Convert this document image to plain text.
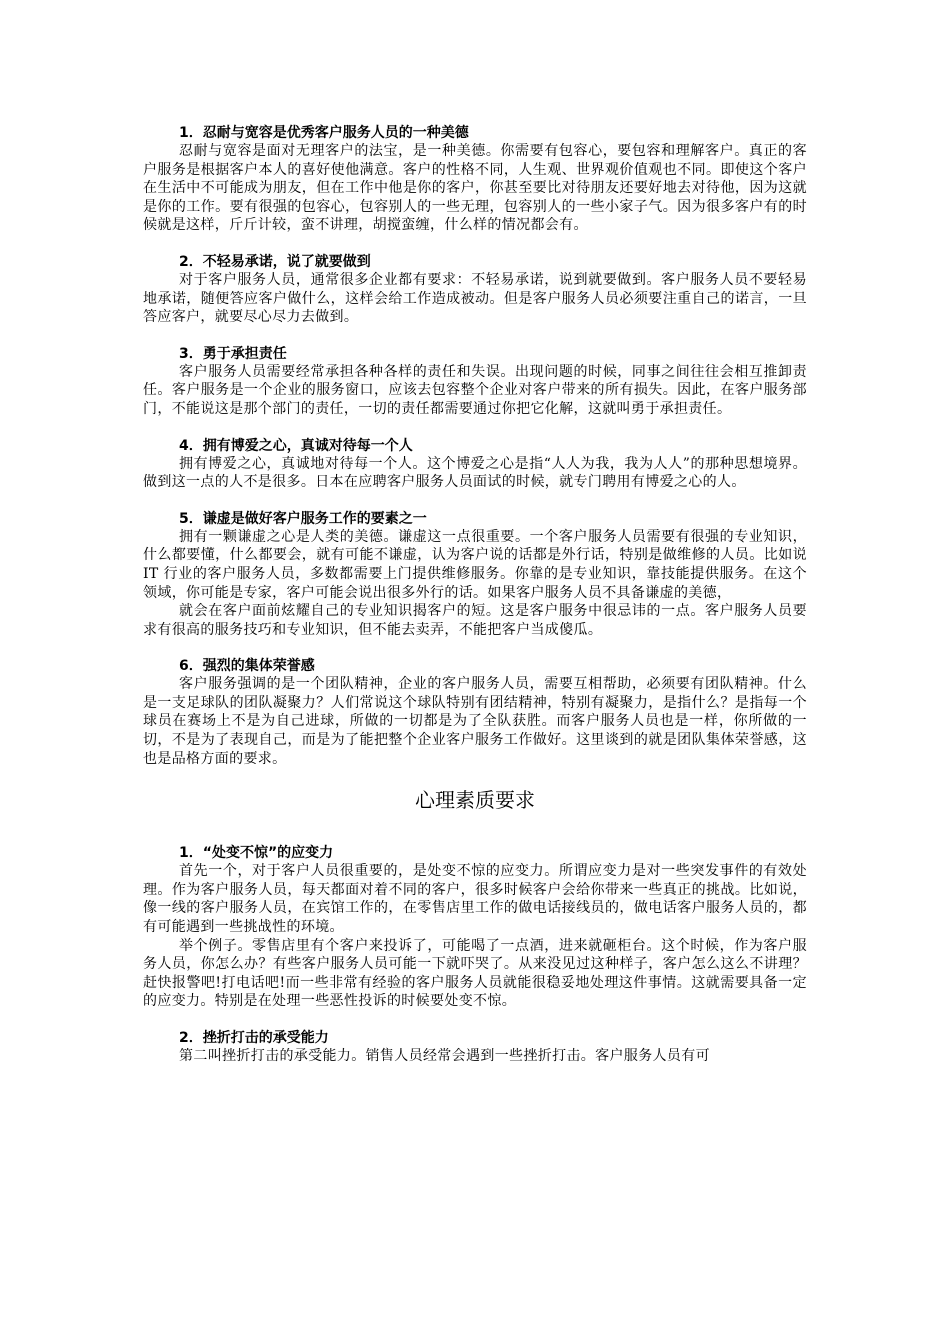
1．忍耐与宽容是优秀客户服务人员的一种美德

忍耐与宽容是面对无理客户的法宝，是一种美德。你需要有包容心，要包容和理解客户。真正的客户服务是根据客户本人的喜好使他满意。客户的性格不同，人生观、世界观价值观也不同。即使这个客户在生活中不可能成为朋友，但在工作中他是你的客户，你甚至要比对待朋友还要好地去对待他，因为这就是你的工作。要有很强的包容心，包容别人的一些无理，包容别人的一些小家子气。因为很多客户有的时候就是这样，斤斤计较，蛮不讲理，胡搅蛮缠，什么样的情况都会有。

2．不轻易承诺，说了就要做到

对于客户服务人员，通常很多企业都有要求：不轻易承诺，说到就要做到。客户服务人员不要轻易地承诺，随便答应客户做什么，这样会给工作造成被动。但是客户服务人员必须要注重自己的诺言，一旦答应客户，就要尽心尽力去做到。

3．勇于承担责任

客户服务人员需要经常承担各种各样的责任和失误。出现问题的时候，同事之间往往会相互推卸责任。客户服务是一个企业的服务窗口，应该去包容整个企业对客户带来的所有损失。因此，在客户服务部门，不能说这是那个部门的责任，一切的责任都需要通过你把它化解，这就叫勇于承担责任。

4．拥有博爱之心，真诚对待每一个人

拥有博爱之心，真诚地对待每一个人。这个博爱之心是指“人人为我，我为人人”的那种思想境界。做到这一点的人不是很多。日本在应聘客户服务人员面试的时候，就专门聘用有博爱之心的人。

5．谦虚是做好客户服务工作的要素之一

拥有一颗谦虚之心是人类的美德。谦虚这一点很重要。一个客户服务人员需要有很强的专业知识，什么都要懂，什么都要会，就有可能不谦虚，认为客户说的话都是外行话，特别是做维修的人员。比如说 IT 行业的客户服务人员，多数都需要上门提供维修服务。你靠的是专业知识，靠技能提供服务。在这个领域，你可能是专家，客户可能会说出很多外行的话。如果客户服务人员不具备谦虚的美德，

就会在客户面前炫耀自己的专业知识揭客户的短。这是客户服务中很忌讳的一点。客户服务人员要求有很高的服务技巧和专业知识，但不能去卖弄，不能把客户当成傻瓜。

6．强烈的集体荣誉感

客户服务强调的是一个团队精神，企业的客户服务人员，需要互相帮助，必须要有团队精神。什么是一支足球队的团队凝聚力？人们常说这个球队特别有团结精神，特别有凝聚力，是指什么？是指每一个球员在赛场上不是为自己进球，所做的一切都是为了全队获胜。而客户服务人员也是一样，你所做的一切，不是为了表现自己，而是为了能把整个企业客户服务工作做好。这里谈到的就是团队集体荣誉感，这也是品格方面的要求。

心理素质要求

1．“处变不惊”的应变力

首先一个，对于客户人员很重要的，是处变不惊的应变力。所谓应变力是对一些突发事件的有效处理。作为客户服务人员，每天都面对着不同的客户，很多时候客户会给你带来一些真正的挑战。比如说，像一线的客户服务人员，在宾馆工作的，在零售店里工作的做电话接线员的，做电话客户服务人员的，都有可能遇到一些挑战性的环境。

举个例子。零售店里有个客户来投诉了，可能喝了一点酒，进来就砸柜台。这个时候，作为客户服务人员，你怎么办？有些客户服务人员可能一下就吓哭了。从来没见过这种样子，客户怎么这么不讲理？赶快报警吧!打电话吧!而一些非常有经验的客户服务人员就能很稳妥地处理这件事情。这就需要具备一定的应变力。特别是在处理一些恶性投诉的时候要处变不惊。

2．挫折打击的承受能力

第二叫挫折打击的承受能力。销售人员经常会遇到一些挫折打击。客户服务人员有可
